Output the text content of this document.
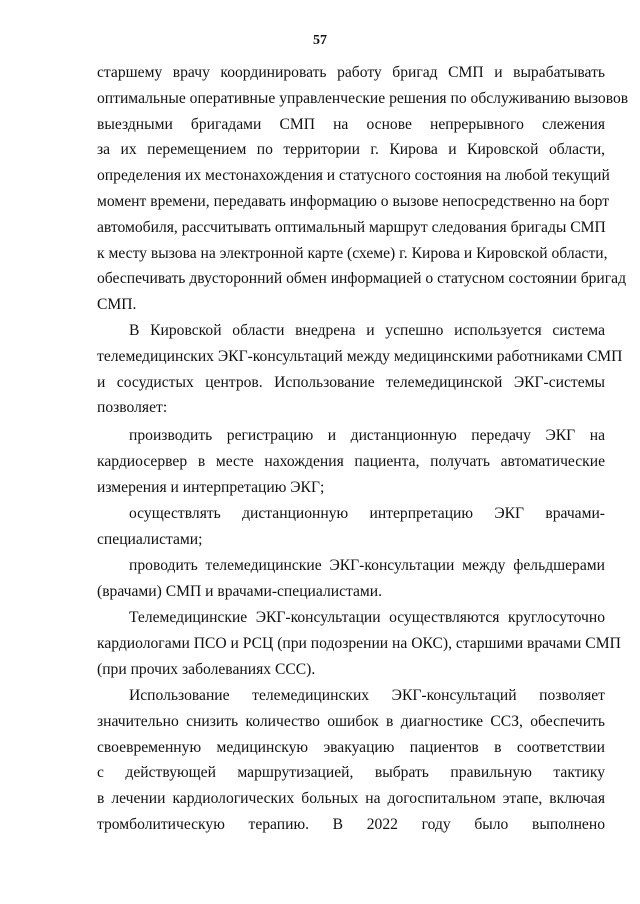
57
старшему врачу координировать работу бригад СМП и вырабатывать
оптимальные оперативные управленческие решения по обслуживанию вызовов
выездными бригадами СМП на основе непрерывного слежения
за их перемещением по территории г. Кирова и Кировской области,
определения их местонахождения и статусного состояния на любой текущий
момент времени, передавать информацию о вызове непосредственно на борт
автомобиля, рассчитывать оптимальный маршрут следования бригады СМП
к месту вызова на электронной карте (схеме) г. Кирова и Кировской области,
обеспечивать двусторонний обмен информацией о статусном состоянии бригад
СМП.
В Кировской области внедрена и успешно используется система
телемедицинских ЭКГ-консультаций между медицинскими работниками СМП
и сосудистых центров. Использование телемедицинской ЭКГ-системы
позволяет:
производить регистрацию и дистанционную передачу ЭКГ на
кардиосервер в месте нахождения пациента, получать автоматические
измерения и интерпретацию ЭКГ;
осуществлять дистанционную интерпретацию ЭКГ врачами-
специалистами;
проводить телемедицинские ЭКГ-консультации между фельдшерами
(врачами) СМП и врачами-специалистами.
Телемедицинские ЭКГ-консультации осуществляются круглосуточно
кардиологами ПСО и РСЦ (при подозрении на ОКС), старшими врачами СМП
(при прочих заболеваниях ССС).
Использование телемедицинских ЭКГ-консультаций позволяет
значительно снизить количество ошибок в диагностике ССЗ, обеспечить
своевременную медицинскую эвакуацию пациентов в соответствии
с действующей маршрутизацией, выбрать правильную тактику
в лечении кардиологических больных на догоспитальном этапе, включая
тромболитическую терапию. В 2022 году было выполнено
